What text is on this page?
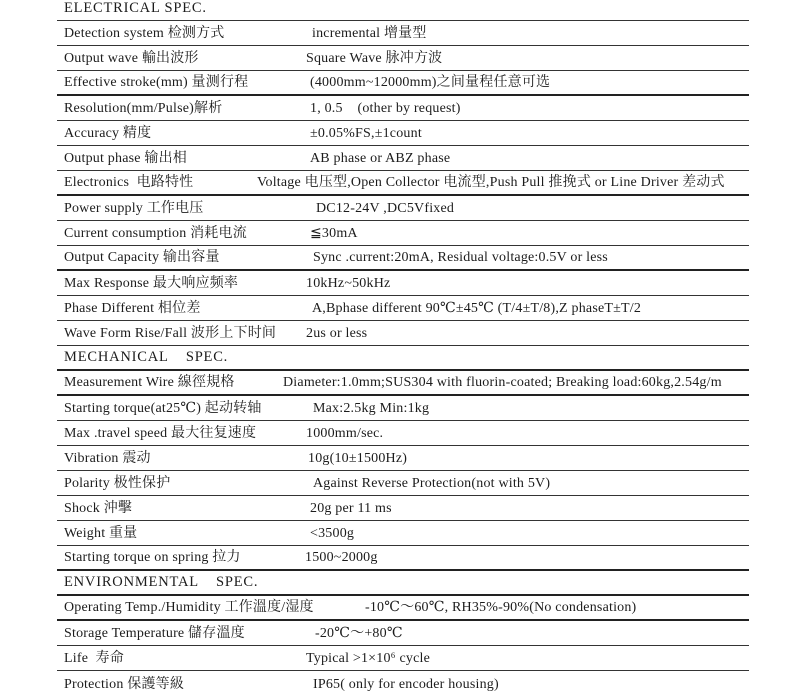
ELECTRICAL SPEC.
Detection system 检测方式	incremental 增量型
Output wave 輸出波形	Square Wave 脉冲方波
Effective stroke(mm) 量测行程	(4000mm~12000mm)之间量程任意可选
Resolution(mm/Pulse)解析	1, 0.5    (other by request)
Accuracy 精度	±0.05%FS,±1count
Output phase 输出相	AB phase or ABZ phase
Electronics  电路特性	Voltage 电压型,Open Collector 电流型,Push Pull 推挽式 or Line Driver 差动式
Power supply 工作电压	DC12-24V ,DC5Vfixed
Current consumption 消耗电流	≦30mA
Output Capacity 输出容量	Sync .current:20mA, Residual voltage:0.5V or less
Max Response 最大响应频率	10kHz~50kHz
Phase Different 相位差	A,Bphase different 90℃±45℃ (T/4±T/8),Z phaseT±T/2
Wave Form Rise/Fall 波形上下时间 2us or less
MECHANICAL    SPEC.
Measurement Wire 線徑規格	Diameter:1.0mm;SUS304 with fluorin-coated; Breaking load:60kg,2.54g/m
Starting torque(at25℃) 起动转轴	Max:2.5kg Min:1kg
Max .travel speed 最大往复速度	1000mm/sec.
Vibration 震动	10g(10±1500Hz)
Polarity 极性保护	Against Reverse Protection(not with 5V)
Shock 沖擊	20g per 11 ms
Weight 重量	<3500g
Starting torque on spring 拉力	1500~2000g
ENVIRONMENTAL    SPEC.
Operating Temp./Humidity 工作溫度/湿度	-10℃～60℃, RH35%-90%(No condensation)
Storage Temperature 儲存溫度	-20℃～+80℃
Life  寿命	Typical >1×10⁶ cycle
Protection 保護等級	IP65( only for encoder housing)
